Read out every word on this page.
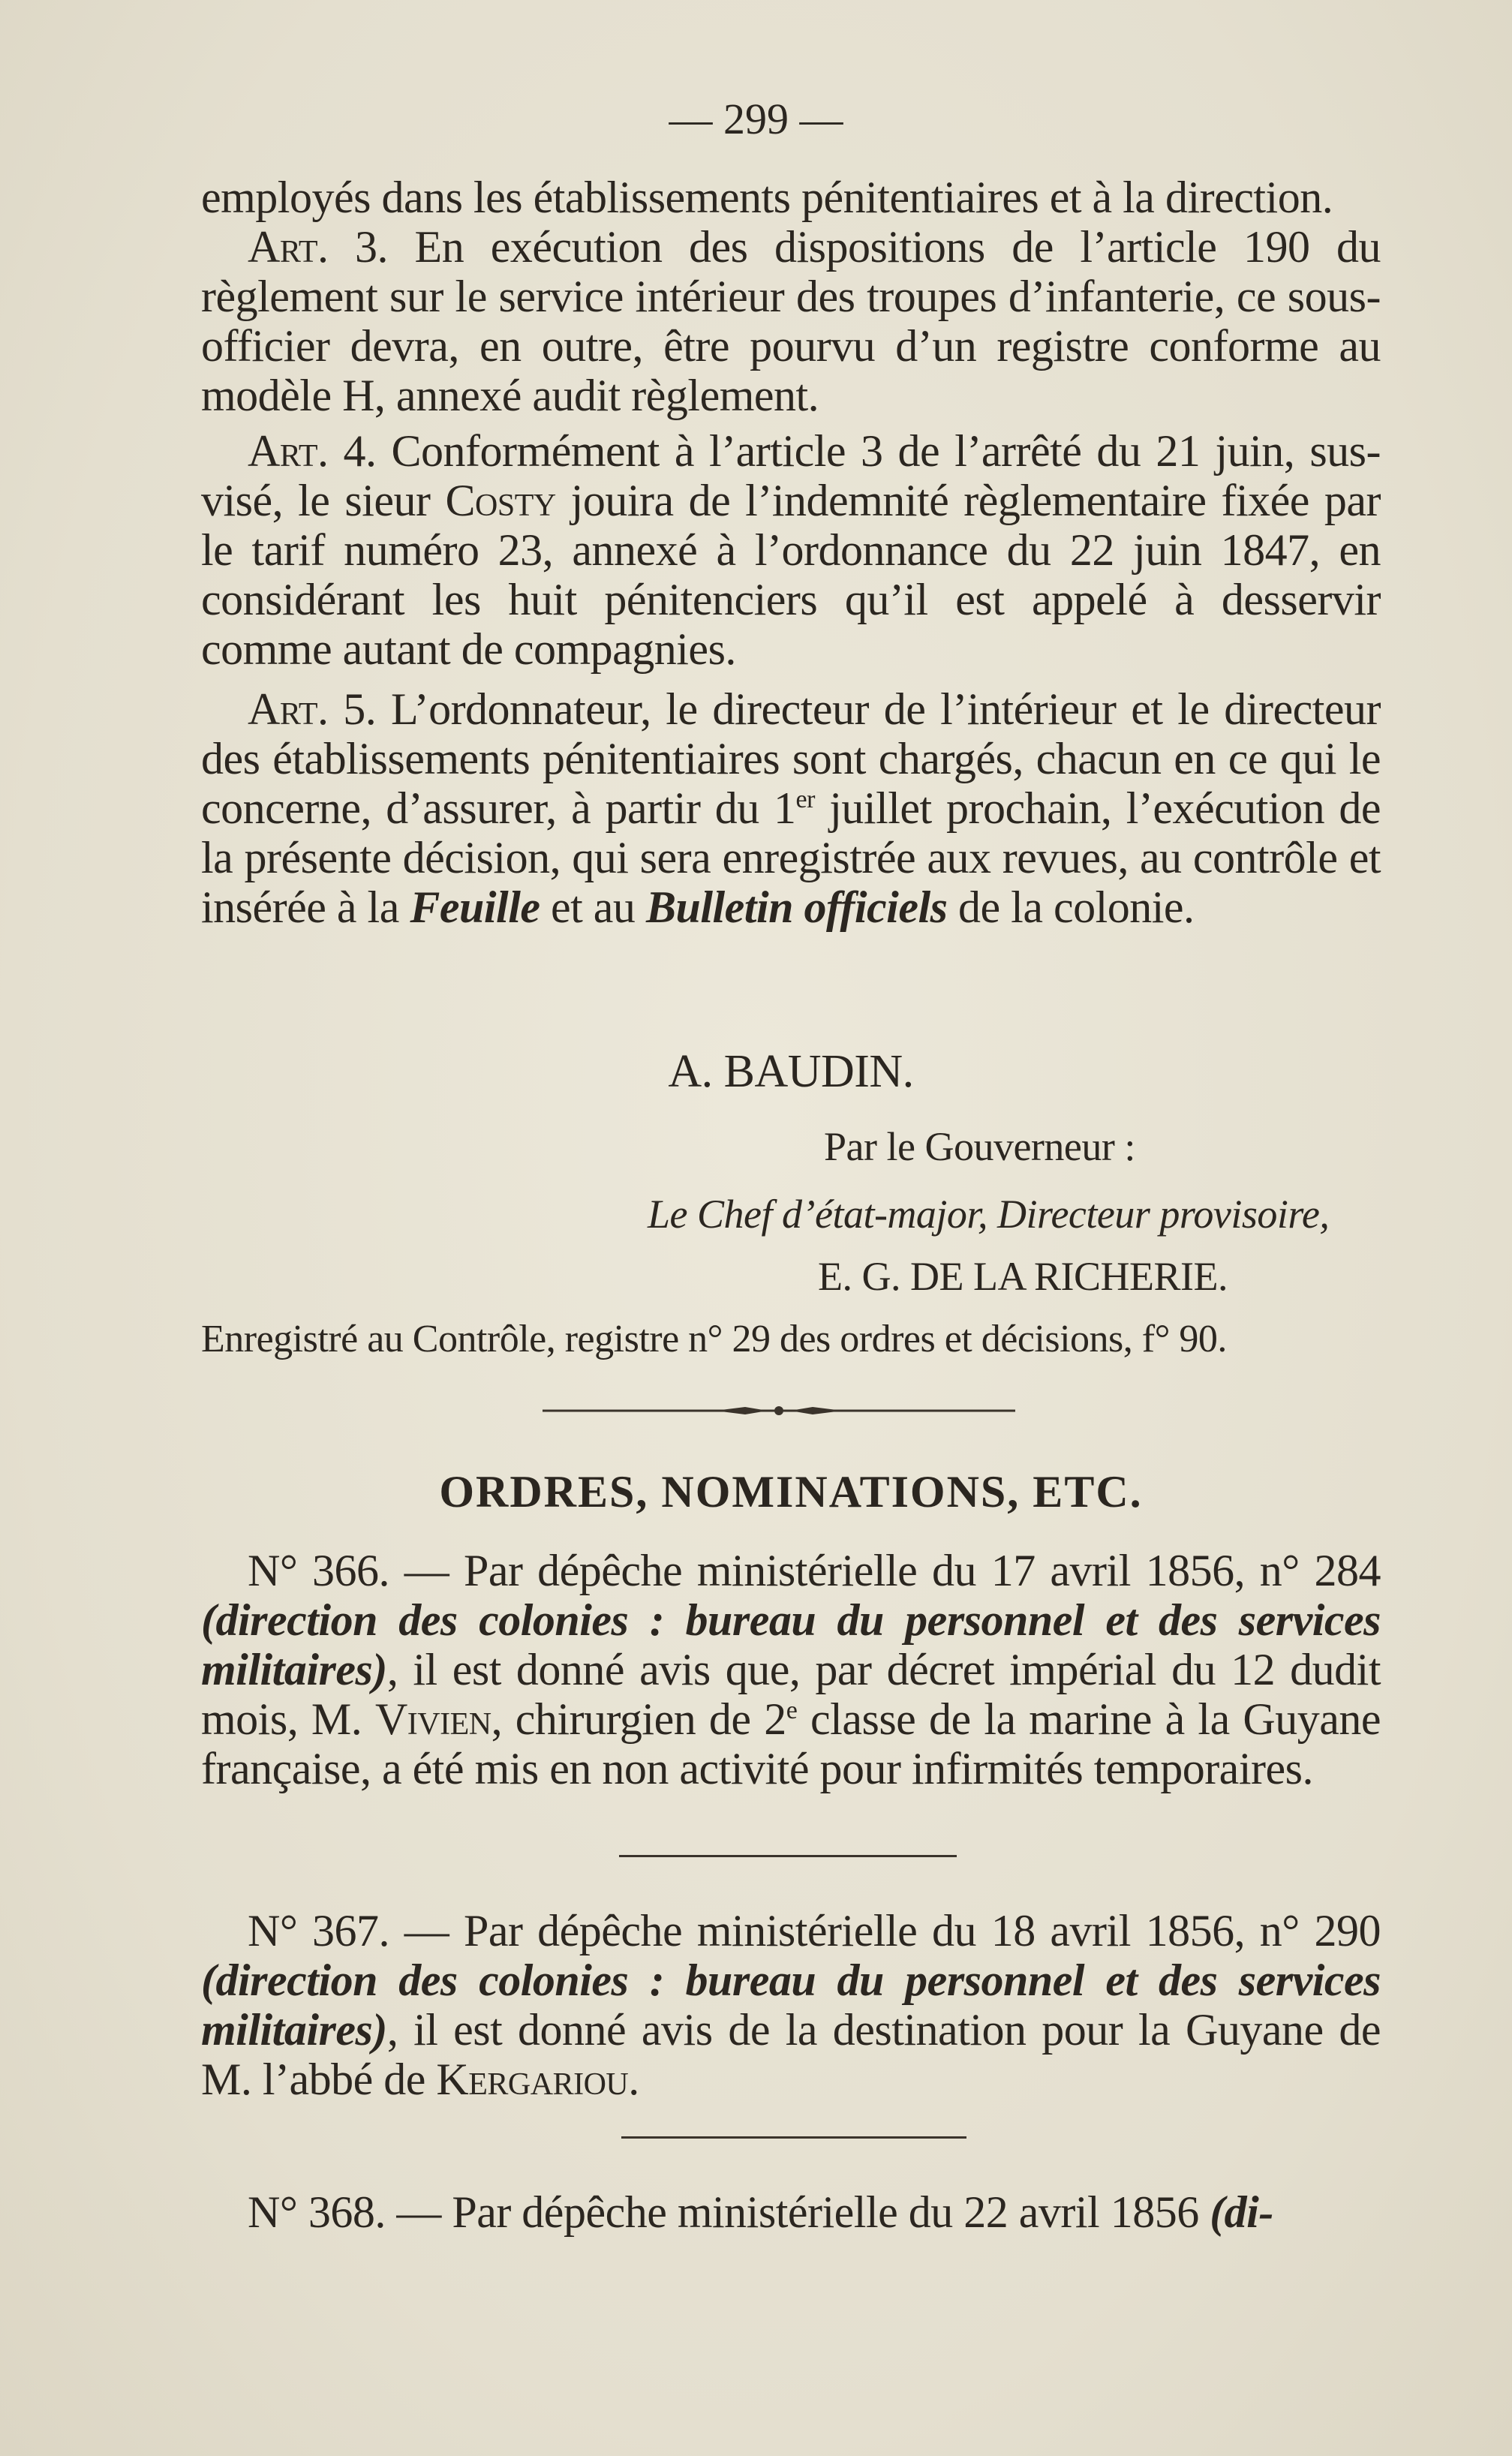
— 299 —

employés dans les établissements pénitentiaires et à la direction.

Art. 3. En exécution des dispositions de l’article 190 du règlement sur le service intérieur des troupes d’infanterie, ce sous-officier devra, en outre, être pourvu d’un registre conforme au modèle H, annexé audit règlement.

Art. 4. Conformément à l’article 3 de l’arrêté du 21 juin, sus-visé, le sieur Costy jouira de l’indemnité règlementaire fixée par le tarif numéro 23, annexé à l’ordonnance du 22 juin 1847, en considérant les huit pénitenciers qu’il est appelé à desservir comme autant de compagnies.

Art. 5. L’ordonnateur, le directeur de l’intérieur et le directeur des établissements pénitentiaires sont chargés, chacun en ce qui le concerne, d’assurer, à partir du 1er juillet prochain, l’exécution de la présente décision, qui sera enregistrée aux revues, au contrôle et insérée à la Feuille et au Bulletin officiels de la colonie.

A. BAUDIN.
Par le Gouverneur :
Le Chef d’état-major, Directeur provisoire,
E. G. DE LA RICHERIE.
Enregistré au Contrôle, registre n° 29 des ordres et décisions, f° 90.
ORDRES, NOMINATIONS, ETC.

N° 366. — Par dépêche ministérielle du 17 avril 1856, n° 284 (direction des colonies : bureau du personnel et des services militaires), il est donné avis que, par décret impérial du 12 dudit mois, M. Vivien, chirurgien de 2e classe de la marine à la Guyane française, a été mis en non activité pour infirmités temporaires.

N° 367. — Par dépêche ministérielle du 18 avril 1856, n° 290 (direction des colonies : bureau du personnel et des services militaires), il est donné avis de la destination pour la Guyane de M. l’abbé de Kergariou.

N° 368. — Par dépêche ministérielle du 22 avril 1856 (di-
